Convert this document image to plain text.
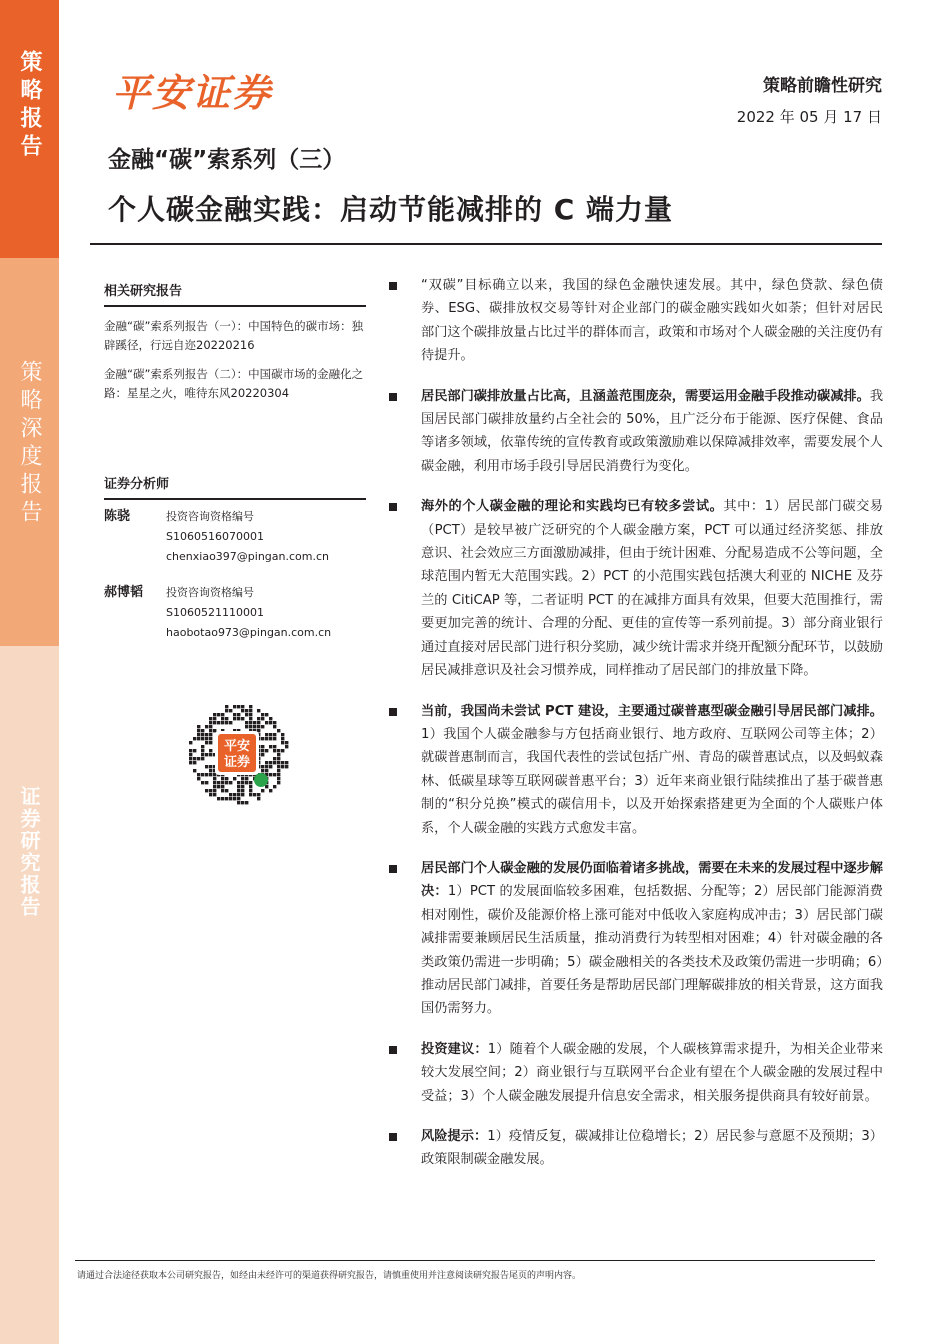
策略报告
策略深度报告
证券研究报告
平安证券	策略前瞻性研究
2022 年 05 月 17 日
金融“碳”索系列（三）
个人碳金融实践：启动节能减排的 C 端力量
相关研究报告
金融“碳”索系列报告（一）：中国特色的碳市场：独辟蹊径，行远自迩20220216
金融“碳”索系列报告（二）：中国碳市场的金融化之路：星星之火，唯待东风20220304
证券分析师
陈骁	投资咨询资格编号
S1060516070001
chenxiao397@pingan.com.cn
郝博韬	投资咨询资格编号
S1060521110001
haobotao973@pingan.com.cn
平安
证券
“双碳”目标确立以来，我国的绿色金融快速发展。其中，绿色贷款、绿色债券、ESG、碳排放权交易等针对企业部门的碳金融实践如火如荼；但针对居民部门这个碳排放量占比过半的群体而言，政策和市场对个人碳金融的关注度仍有待提升。
居民部门碳排放量占比高，且涵盖范围庞杂，需要运用金融手段推动碳减排。我国居民部门碳排放量约占全社会的 50%，且广泛分布于能源、医疗保健、食品等诸多领域，依靠传统的宣传教育或政策激励难以保障减排效率，需要发展个人碳金融，利用市场手段引导居民消费行为变化。
海外的个人碳金融的理论和实践均已有较多尝试。其中：1）居民部门碳交易（PCT）是较早被广泛研究的个人碳金融方案，PCT 可以通过经济奖惩、排放意识、社会效应三方面激励减排，但由于统计困难、分配易造成不公等问题，全球范围内暂无大范围实践。2）PCT 的小范围实践包括澳大利亚的 NICHE 及芬兰的 CitiCAP 等，二者证明 PCT 的在减排方面具有效果，但要大范围推行，需要更加完善的统计、合理的分配、更佳的宣传等一系列前提。3）部分商业银行通过直接对居民部门进行积分奖励，减少统计需求并绕开配额分配环节，以鼓励居民减排意识及社会习惯养成，同样推动了居民部门的排放量下降。
当前，我国尚未尝试 PCT 建设，主要通过碳普惠型碳金融引导居民部门减排。1）我国个人碳金融参与方包括商业银行、地方政府、互联网公司等主体；2）就碳普惠制而言，我国代表性的尝试包括广州、青岛的碳普惠试点，以及蚂蚁森林、低碳星球等互联网碳普惠平台；3）近年来商业银行陆续推出了基于碳普惠制的“积分兑换”模式的碳信用卡，以及开始探索搭建更为全面的个人碳账户体系，个人碳金融的实践方式愈发丰富。
居民部门个人碳金融的发展仍面临着诸多挑战，需要在未来的发展过程中逐步解决：1）PCT 的发展面临较多困难，包括数据、分配等；2）居民部门能源消费相对刚性，碳价及能源价格上涨可能对中低收入家庭构成冲击；3）居民部门碳减排需要兼顾居民生活质量，推动消费行为转型相对困难；4）针对碳金融的各类政策仍需进一步明确；5）碳金融相关的各类技术及政策仍需进一步明确；6）推动居民部门减排，首要任务是帮助居民部门理解碳排放的相关背景，这方面我国仍需努力。
投资建议：1）随着个人碳金融的发展，个人碳核算需求提升，为相关企业带来较大发展空间；2）商业银行与互联网平台企业有望在个人碳金融的发展过程中受益；3）个人碳金融发展提升信息安全需求，相关服务提供商具有较好前景。
风险提示：1）疫情反复，碳减排让位稳增长；2）居民参与意愿不及预期；3）政策限制碳金融发展。
请通过合法途径获取本公司研究报告，如经由未经许可的渠道获得研究报告，请慎重使用并注意阅读研究报告尾页的声明内容。
